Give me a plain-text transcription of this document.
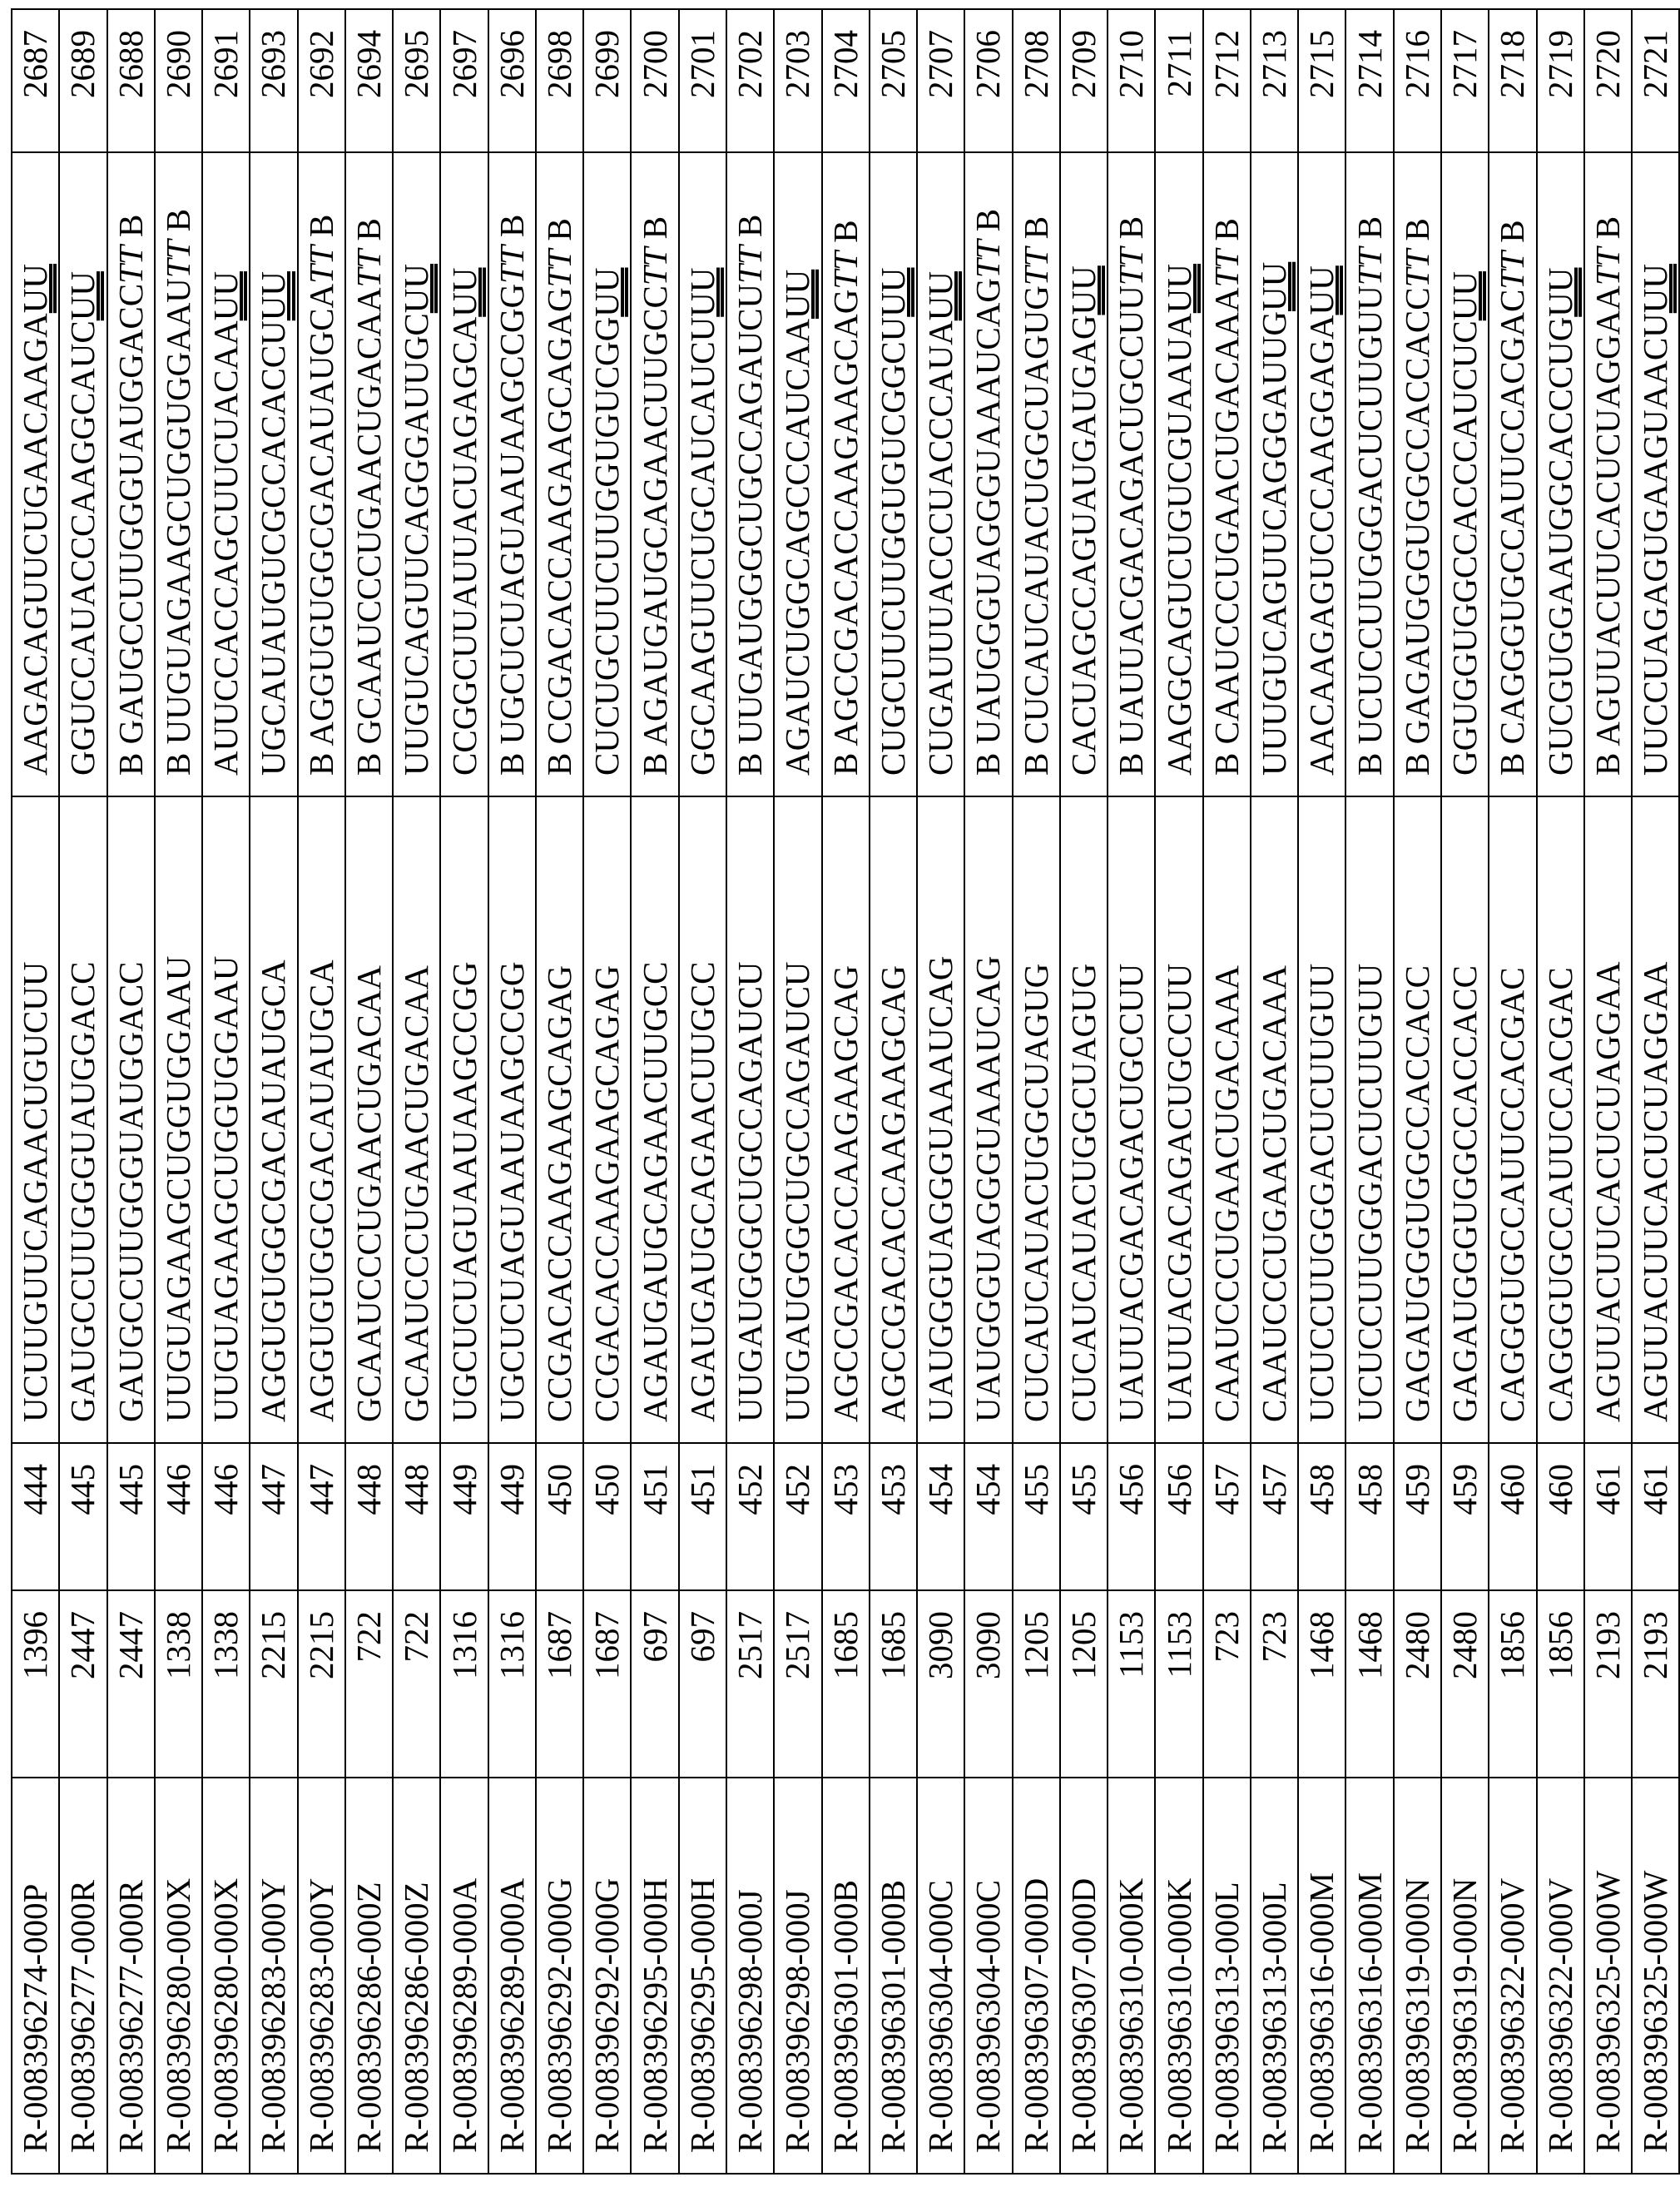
R-008396274-000P	1396	444	UCUUGUUCAGAACUGUCUU	AAGACAGUUCUGAACAAGAUU	2687
R-008396277-000R	2447	445	GAUGCCUUGGGUAUGGACC	GGUCCAUACCCAAGGCAUCUU	2689
R-008396277-000R	2447	445	GAUGCCUUGGGUAUGGACC	B GAUGCCUUGGGUAUGGACCTT B	2688
R-008396280-000X	1338	446	UUGUAGAAGCUGGUGGAAU	B UUGUAGAAGCUGGUGGAAUTT B	2690
R-008396280-000X	1338	446	UUGUAGAAGCUGGUGGAAU	AUUCCACCAGCUUCUACAAUU	2691
R-008396283-000Y	2215	447	AGGUGUGGCGACAUAUGCA	UGCAUAUGUCGCCACACCUUU	2693
R-008396283-000Y	2215	447	AGGUGUGGCGACAUAUGCA	B AGGUGUGGCGACAUAUGCATT B	2692
R-008396286-000Z	722	448	GCAAUCCCUGAACUGACAA	B GCAAUCCCUGAACUGACAATT B	2694
R-008396286-000Z	722	448	GCAAUCCCUGAACUGACAA	UUGUCAGUUCAGGGAUUGCUU	2695
R-008396289-000A	1316	449	UGCUCUAGUAAUAAGCCGG	CCGGCUUAUUACUAGAGCAUU	2697
R-008396289-000A	1316	449	UGCUCUAGUAAUAAGCCGG	B UGCUCUAGUAAUAAGCCGGTT B	2696
R-008396292-000G	1687	450	CCGACACCAAGAAGCAGAG	B CCGACACCAAGAAGCAGAGTT B	2698
R-008396292-000G	1687	450	CCGACACCAAGAAGCAGAG	CUCUGCUUCUUGGUGUCGGUU	2699
R-008396295-000H	697	451	AGAUGAUGCAGAACUUGCC	B AGAUGAUGCAGAACUUGCCTT B	2700
R-008396295-000H	697	451	AGAUGAUGCAGAACUUGCC	GGCAAGUUCUGCAUCAUCUUU	2701
R-008396298-000J	2517	452	UUGAUGGGCUGCCAGAUCU	B UUGAUGGGCUGCCAGAUCUTT B	2702
R-008396298-000J	2517	452	UUGAUGGGCUGCCAGAUCU	AGAUCUGGCAGCCCAUCAAUU	2703
R-008396301-000B	1685	453	AGCCGACACCAAGAAGCAG	B AGCCGACACCAAGAAGCAGTT B	2704
R-008396301-000B	1685	453	AGCCGACACCAAGAAGCAG	CUGCUUCUUGGUGUCGGCUUU	2705
R-008396304-000C	3090	454	UAUGGGUAGGGUAAAUCAG	CUGAUUUACCCUACCCAUAUU	2707
R-008396304-000C	3090	454	UAUGGGUAGGGUAAAUCAG	B UAUGGGUAGGGUAAAUCAGTT B	2706
R-008396307-000D	1205	455	CUCAUCAUACUGGCUAGUG	B CUCAUCAUACUGGCUAGUGTT B	2708
R-008396307-000D	1205	455	CUCAUCAUACUGGCUAGUG	CACUAGCCAGUAUGAUGAGUU	2709
R-008396310-000K	1153	456	UAUUACGACAGACUGCCUU	B UAUUACGACAGACUGCCUUTT B	2710
R-008396310-000K	1153	456	UAUUACGACAGACUGCCUU	AAGGCAGUCUGUCGUAAUAUU	2711
R-008396313-000L	723	457	CAAUCCCUGAACUGACAAA	B CAAUCCCUGAACUGACAAATT B	2712
R-008396313-000L	723	457	CAAUCCCUGAACUGACAAA	UUUGUCAGUUCAGGGAUUGUU	2713
R-008396316-000M	1468	458	UCUCCUUGGGACUCUUGUU	AACAAGAGUCCCAAGGAGAUU	2715
R-008396316-000M	1468	458	UCUCCUUGGGACUCUUGUU	B UCUCCUUGGGACUCUUGUUTT B	2714
R-008396319-000N	2480	459	GAGAUGGGUGGCCACCACC	B GAGAUGGGUGGCCACCACCTT B	2716
R-008396319-000N	2480	459	GAGAUGGGUGGCCACCACC	GGUGGUGGCCACCCAUCUCUU	2717
R-008396322-000V	1856	460	CAGGGUGCCAUUCCACGAC	B CAGGGUGCCAUUCCACGACTT B	2718
R-008396322-000V	1856	460	CAGGGUGCCAUUCCACGAC	GUCGUGGAAUGGCACCCUGUU	2719
R-008396325-000W	2193	461	AGUUACUUCACUCUAGGAA	B AGUUACUUCACUCUAGGAATT B	2720
R-008396325-000W	2193	461	AGUUACUUCACUCUAGGAA	UUCCUAGAGUGAAGUAACUUU	2721
